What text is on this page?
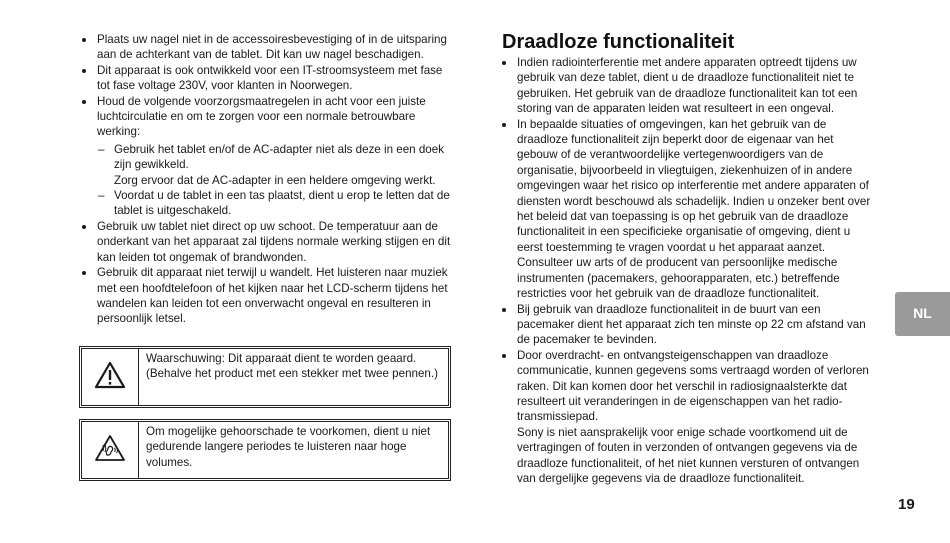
Plaats uw nagel niet in de accessoiresbevestiging of in de uitsparing aan de achterkant van de tablet. Dit kan uw nagel beschadigen.
Dit apparaat is ook ontwikkeld voor een IT-stroomsysteem met fase tot fase voltage 230V, voor klanten in Noorwegen.
Houd de volgende voorzorgsmaatregelen in acht voor een juiste luchtcirculatie en om te zorgen voor een normale betrouwbare werking:
– Gebruik het tablet en/of de AC-adapter niet als deze in een doek zijn gewikkeld.
Zorg ervoor dat de AC-adapter in een heldere omgeving werkt.
– Voordat u de tablet in een tas plaatst, dient u erop te letten dat de tablet is uitgeschakeld.
Gebruik uw tablet niet direct op uw schoot. De temperatuur aan de onderkant van het apparaat zal tijdens normale werking stijgen en dit kan leiden tot ongemak of brandwonden.
Gebruik dit apparaat niet terwijl u wandelt. Het luisteren naar muziek met een hoofdtelefoon of het kijken naar het LCD-scherm tijdens het wandelen kan leiden tot een onverwacht ongeval en resulteren in persoonlijk letsel.
Waarschuwing: Dit apparaat dient te worden geaard. (Behalve het product met een stekker met twee pennen.)
Om mogelijke gehoorschade te voorkomen, dient u niet gedurende langere periodes te luisteren naar hoge volumes.
Draadloze functionaliteit
Indien radiointerferentie met andere apparaten optreedt tijdens uw gebruik van deze tablet, dient u de draadloze functionaliteit niet te gebruiken. Het gebruik van de draadloze functionaliteit kan tot een storing van de apparaten leiden wat resulteert in een ongeval.
In bepaalde situaties of omgevingen, kan het gebruik van de draadloze functionaliteit zijn beperkt door de eigenaar van het gebouw of de verantwoordelijke vertegenwoordigers van de organisatie, bijvoorbeeld in vliegtuigen, ziekenhuizen of in andere omgevingen waar het risico op interferentie met andere apparaten of diensten wordt beschouwd als schadelijk. Indien u onzeker bent over het beleid dat van toepassing is op het gebruik van de draadloze functionaliteit in een specificieke organisatie of omgeving, dient u eerst toestemming te vragen voordat u het apparaat aanzet. Consulteer uw arts of de producent van persoonlijke medische instrumenten (pacemakers, gehoorapparaten, etc.) betreffende restricties voor het gebruik van de draadloze functionaliteit.
Bij gebruik van draadloze functionaliteit in de buurt van een pacemaker dient het apparaat zich ten minste op 22 cm afstand van de pacemaker te bevinden.
Door overdracht- en ontvangsteigenschappen van draadloze communicatie, kunnen gegevens soms vertraagd worden of verloren raken. Dit kan komen door het verschil in radiosignaalsterkte dat resulteert uit veranderingen in de eigenschappen van het radio-transmissiepad.
Sony is niet aansprakelijk voor enige schade voortkomend uit de vertragingen of fouten in verzonden of ontvangen gegevens via de draadloze functionaliteit, of het niet kunnen versturen of ontvangen van dergelijke gegevens via de draadloze functionaliteit.
NL
19
